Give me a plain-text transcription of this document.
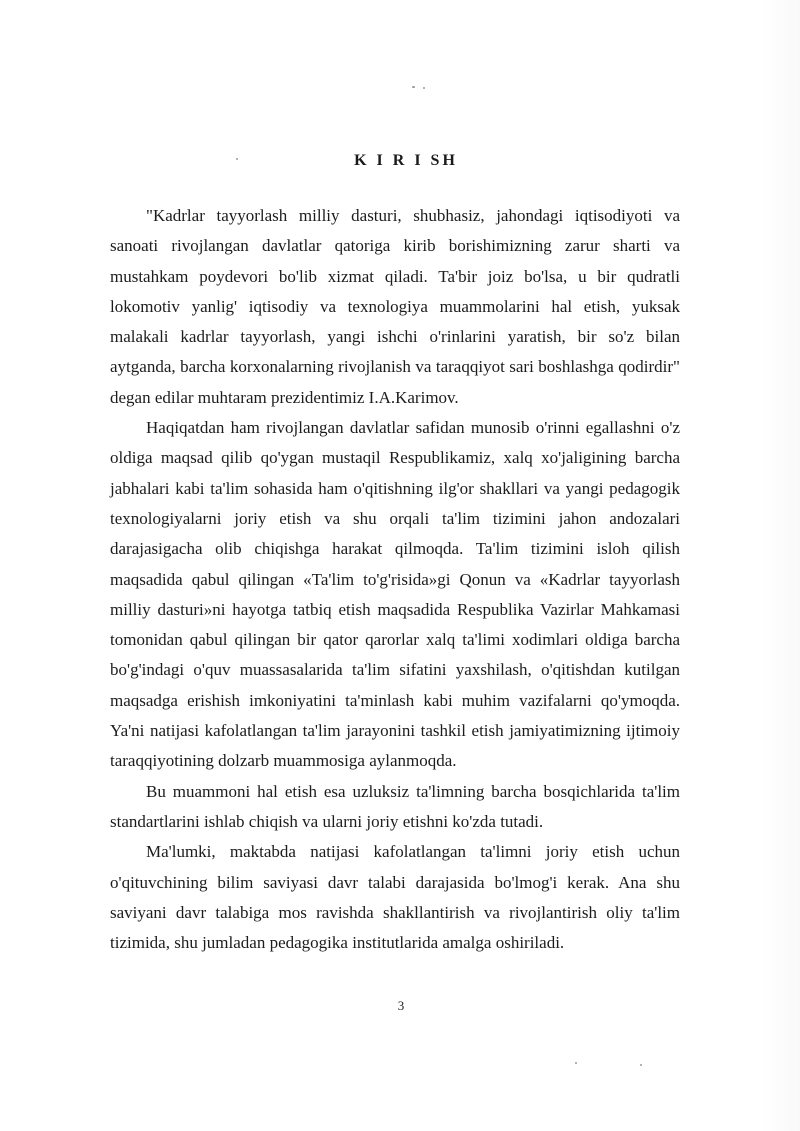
K I R I SH

"Kadrlar tayyorlash milliy dasturi, shubhasiz, jahondagi iqtisodiyoti va sanoati rivojlangan davlatlar qatoriga kirib borishimizning zarur sharti va mustahkam poydevori bo'lib xizmat qiladi. Ta'bir joiz bo'lsa, u bir qudratli lokomotiv yanlig' iqtisodiy va texnologiya muammolarini hal etish, yuksak malakali kadrlar tayyorlash, yangi ishchi o'rinlarini yaratish, bir so'z bilan aytganda, barcha korxonalarning rivojlanish va taraqqiyot sari boshlashga qodirdir" degan edilar muhtaram prezidentimiz I.A.Karimov.

Haqiqatdan ham rivojlangan davlatlar safidan munosib o'rinni egallashni o'z oldiga maqsad qilib qo'ygan mustaqil Respublikamiz, xalq xo'jaligining barcha jabhalari kabi ta'lim sohasida ham o'qitishning ilg'or shakllari va yangi pedagogik texnologiyalarni joriy etish va shu orqali ta'lim tizimini jahon andozalari darajasigacha olib chiqishga harakat qilmoqda. Ta'lim tizimini isloh qilish maqsadida qabul qilingan «Ta'lim to'g'risida»gi Qonun va «Kadrlar tayyorlash milliy dasturi»ni hayotga tatbiq etish maqsadida Respublika Vazirlar Mahkamasi tomonidan qabul qilingan bir qator qarorlar xalq ta'limi xodimlari oldiga barcha bo'g'indagi o'quv muassasalarida ta'lim sifatini yaxshilash, o'qitishdan kutilgan maqsadga erishish imkoniyatini ta'minlash kabi muhim vazifalarni qo'ymoqda. Ya'ni natijasi kafolatlangan ta'lim jarayonini tashkil etish jamiyatimizning ijtimoiy taraqqiyotining dolzarb muammosiga aylanmoqda.

Bu muammoni hal etish esa uzluksiz ta'limning barcha bosqichlarida ta'lim standartlarini ishlab chiqish va ularni joriy etishni ko'zda tutadi.

Ma'lumki, maktabda natijasi kafolatlangan ta'limni joriy etish uchun o'qituvchining bilim saviyasi davr talabi darajasida bo'lmog'i kerak. Ana shu saviyani davr talabiga mos ravishda shakllantirish va rivojlantirish oliy ta'lim tizimida, shu jumladan pedagogika institutlarida amalga oshiriladi.

3
